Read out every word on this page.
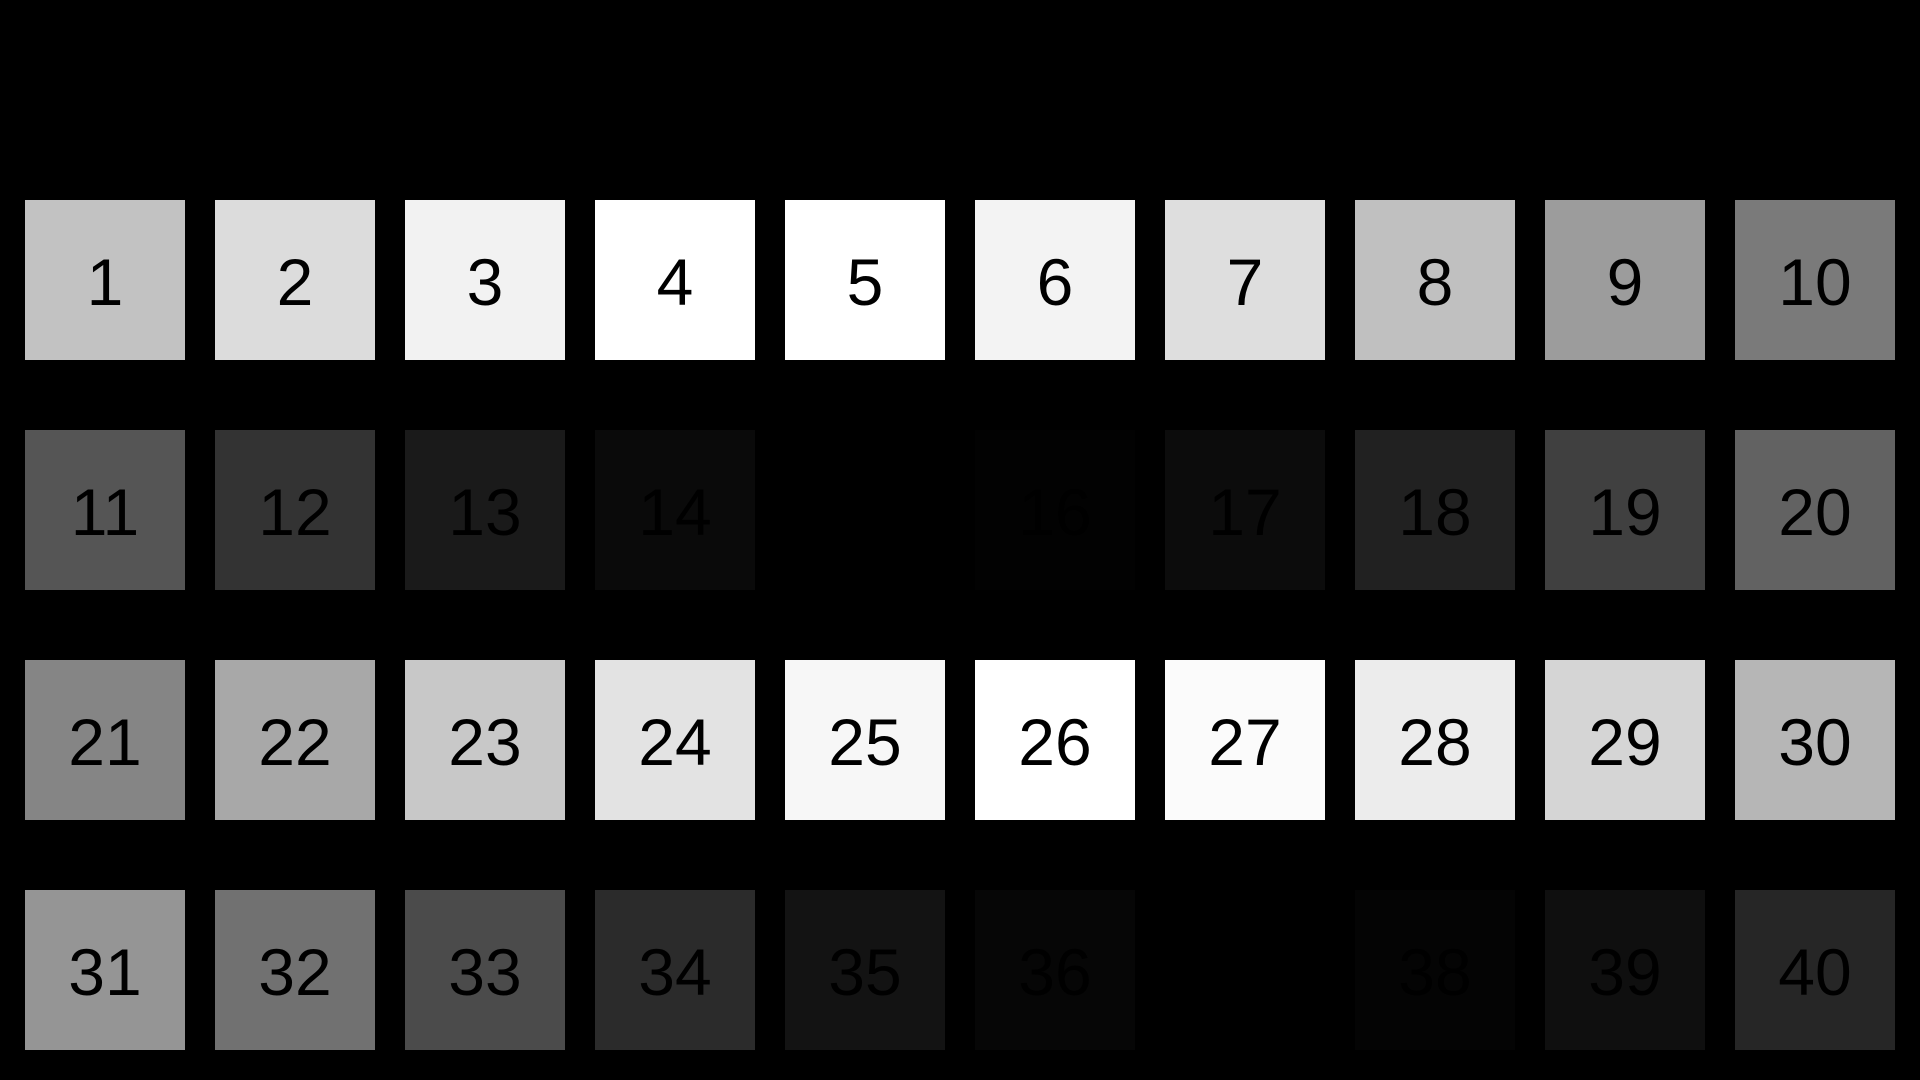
1 2 3 4 5 6 7 8 9 10
11 12 13 14 15 16 17 18 19 20
21 22 23 24 25 26 27 28 29 30
31 32 33 34 35 36 37 38 39 40
